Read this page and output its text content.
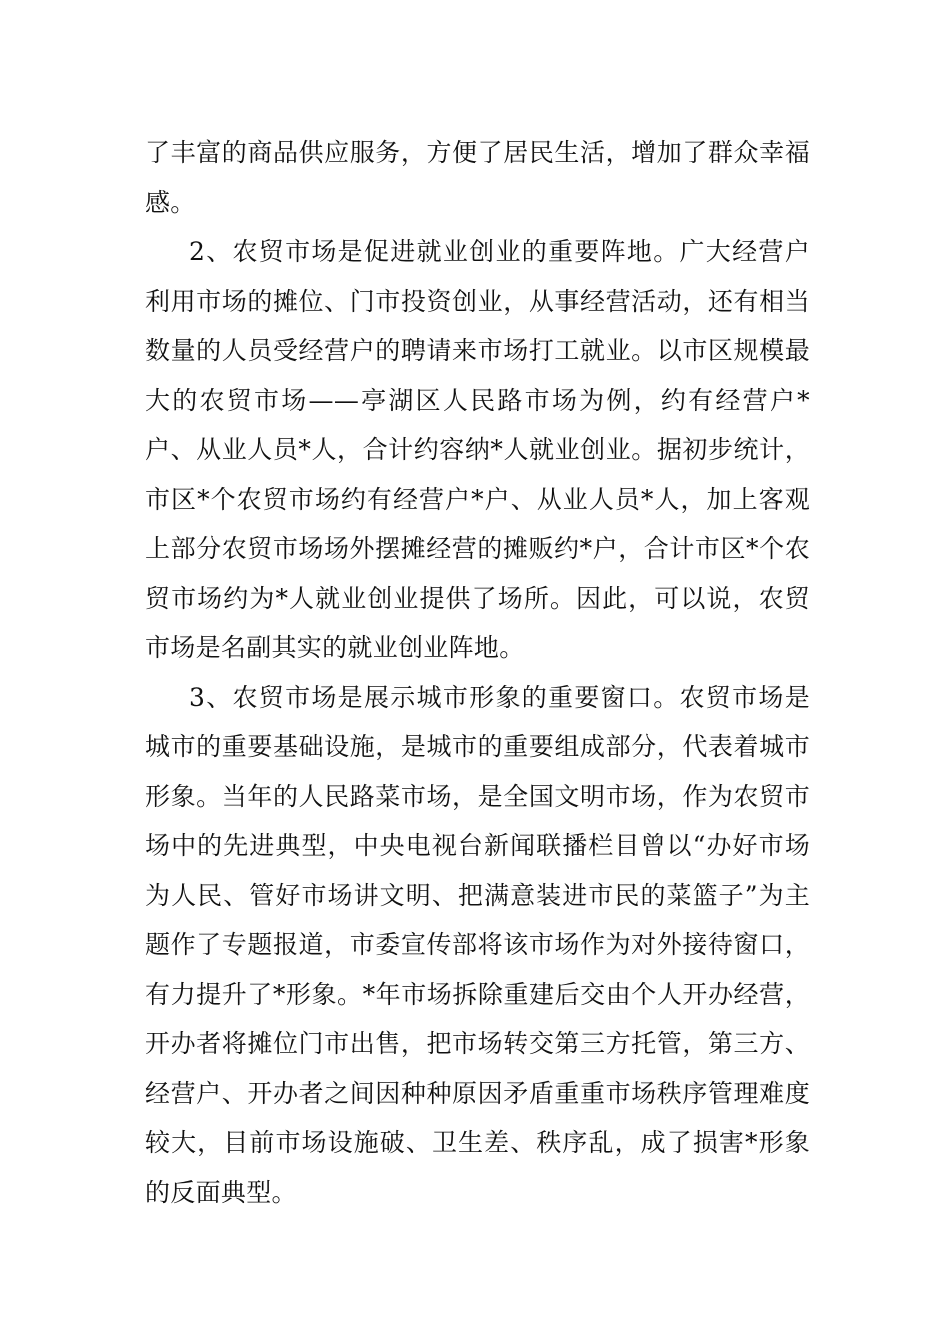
了丰富的商品供应服务，方便了居民生活，增加了群众幸福感。

2、农贸市场是促进就业创业的重要阵地。广大经营户利用市场的摊位、门市投资创业，从事经营活动，还有相当数量的人员受经营户的聘请来市场打工就业。以市区规模最大的农贸市场——亭湖区人民路市场为例，约有经营户*户、从业人员*人，合计约容纳*人就业创业。据初步统计，市区*个农贸市场约有经营户*户、从业人员*人，加上客观上部分农贸市场场外摆摊经营的摊贩约*户，合计市区*个农贸市场约为*人就业创业提供了场所。因此，可以说，农贸市场是名副其实的就业创业阵地。

3、农贸市场是展示城市形象的重要窗口。农贸市场是城市的重要基础设施，是城市的重要组成部分，代表着城市形象。当年的人民路菜市场，是全国文明市场，作为农贸市场中的先进典型，中央电视台新闻联播栏目曾以“办好市场为人民、管好市场讲文明、把满意装进市民的菜篮子”为主题作了专题报道，市委宣传部将该市场作为对外接待窗口，有力提升了*形象。*年市场拆除重建后交由个人开办经营，开办者将摊位门市出售，把市场转交第三方托管，第三方、经营户、开办者之间因种种原因矛盾重重市场秩序管理难度较大，目前市场设施破、卫生差、秩序乱，成了损害*形象的反面典型。
